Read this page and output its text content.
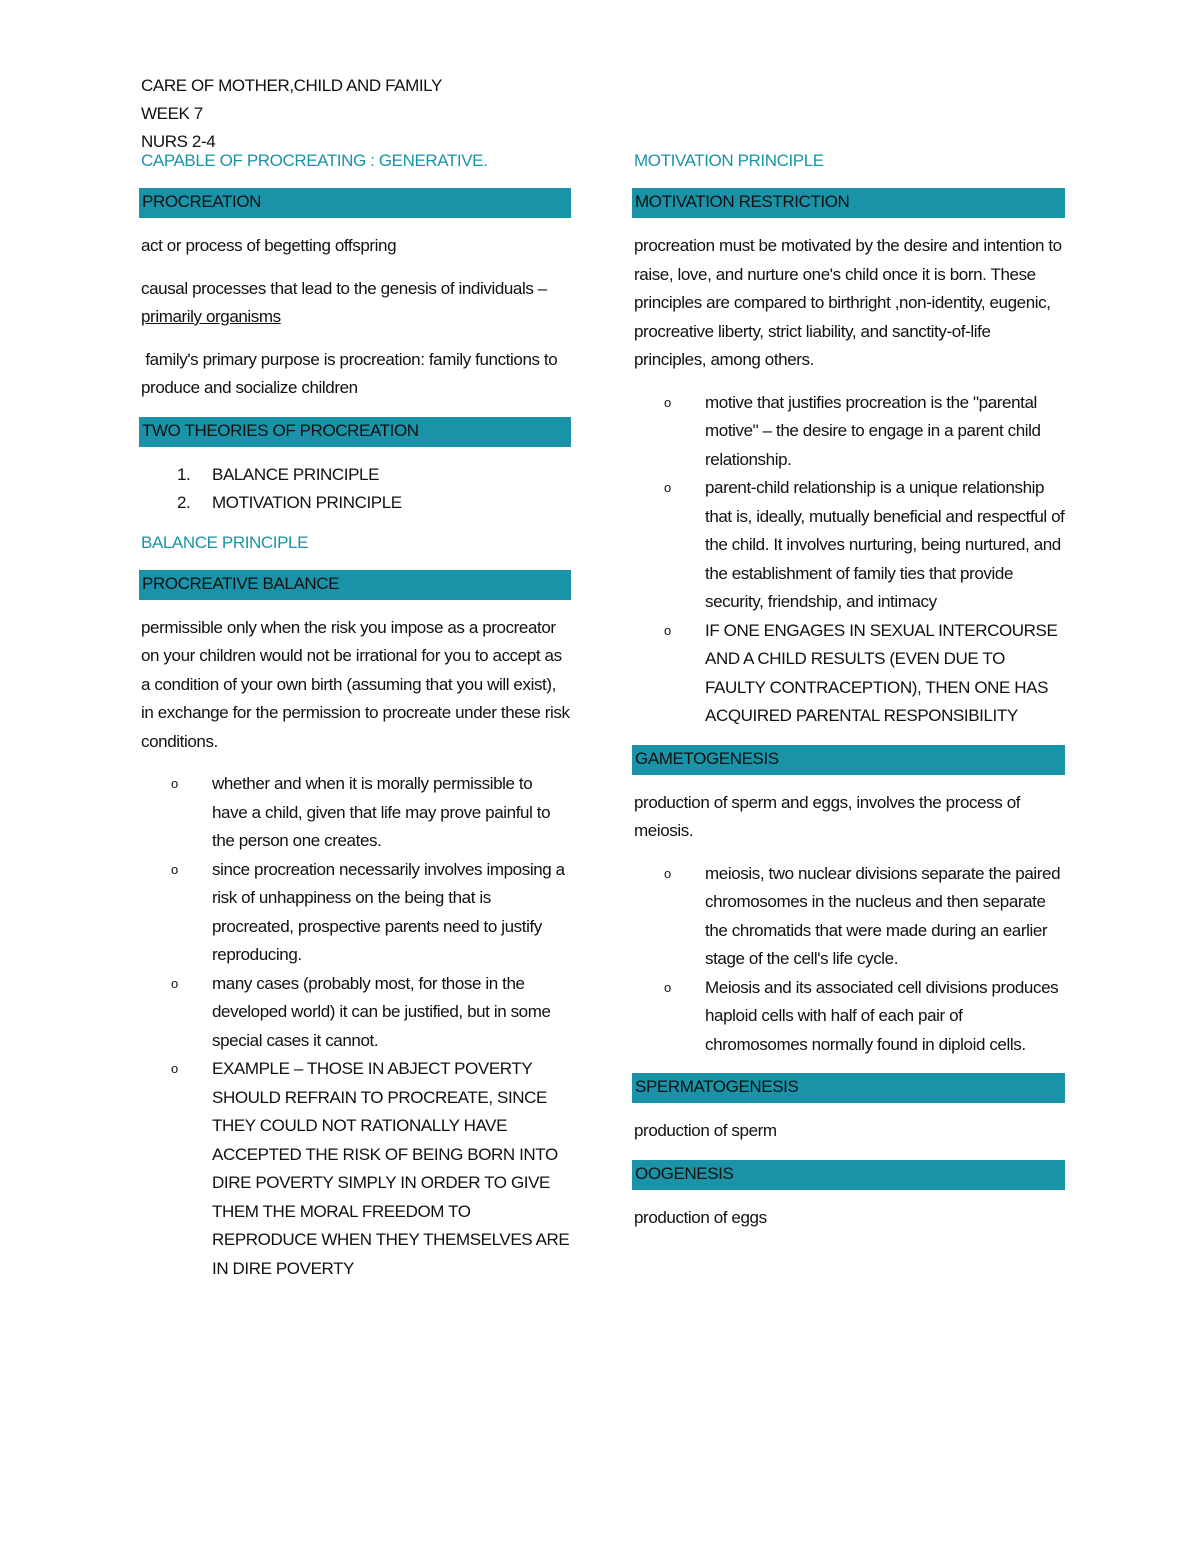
CARE OF MOTHER,CHILD AND FAMILY
WEEK 7
NURS 2-4
CAPABLE OF PROCREATING : GENERATIVE.
PROCREATION
act or process of begetting offspring
causal processes that lead to the genesis of individuals – primarily organisms
family's primary purpose is procreation: family functions to produce and socialize children
TWO THEORIES OF PROCREATION
1. BALANCE PRINCIPLE
2. MOTIVATION PRINCIPLE
BALANCE PRINCIPLE
PROCREATIVE BALANCE
permissible only when the risk you impose as a procreator on your children would not be irrational for you to accept as a condition of your own birth (assuming that you will exist), in exchange for the permission to procreate under these risk conditions.
o whether and when it is morally permissible to have a child, given that life may prove painful to the person one creates.
o since procreation necessarily involves imposing a risk of unhappiness on the being that is procreated, prospective parents need to justify reproducing.
o many cases (probably most, for those in the developed world) it can be justified, but in some special cases it cannot.
o EXAMPLE – THOSE IN ABJECT POVERTY SHOULD REFRAIN TO PROCREATE, SINCE THEY COULD NOT RATIONALLY HAVE ACCEPTED THE RISK OF BEING BORN INTO DIRE POVERTY SIMPLY IN ORDER TO GIVE THEM THE MORAL FREEDOM TO REPRODUCE WHEN THEY THEMSELVES ARE IN DIRE POVERTY
MOTIVATION PRINCIPLE
MOTIVATION RESTRICTION
procreation must be motivated by the desire and intention to raise, love, and nurture one's child once it is born. These principles are compared to birthright ,non-identity, eugenic, procreative liberty, strict liability, and sanctity-of-life principles, among others.
o motive that justifies procreation is the "parental motive" – the desire to engage in a parent child relationship.
o parent-child relationship is a unique relationship that is, ideally, mutually beneficial and respectful of the child. It involves nurturing, being nurtured, and the establishment of family ties that provide security, friendship, and intimacy
o IF ONE ENGAGES IN SEXUAL INTERCOURSE AND A CHILD RESULTS (EVEN DUE TO FAULTY CONTRACEPTION), THEN ONE HAS ACQUIRED PARENTAL RESPONSIBILITY
GAMETOGENESIS
production of sperm and eggs, involves the process of meiosis.
o meiosis, two nuclear divisions separate the paired chromosomes in the nucleus and then separate the chromatids that were made during an earlier stage of the cell's life cycle.
o Meiosis and its associated cell divisions produces haploid cells with half of each pair of chromosomes normally found in diploid cells.
SPERMATOGENESIS
production of sperm
OOGENESIS
production of eggs
